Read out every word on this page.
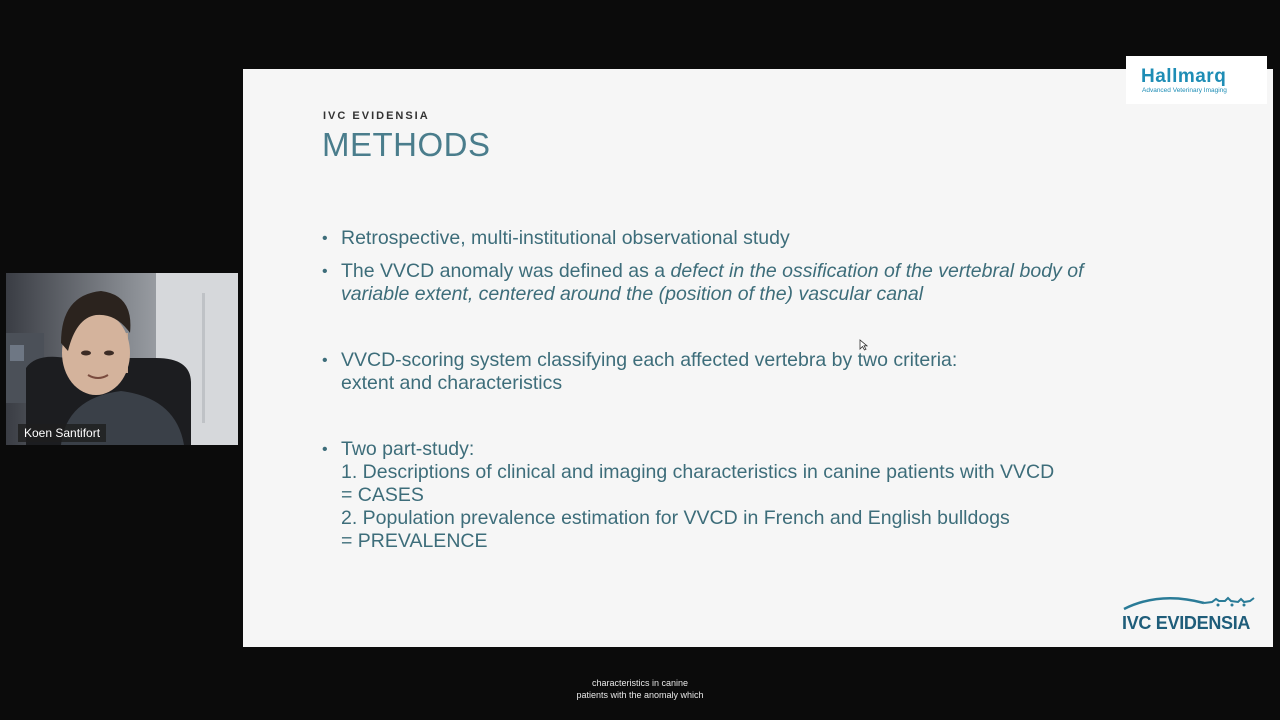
IVC EVIDENSIA
METHODS
• Retrospective, multi-institutional observational study
• The VVCD anomaly was defined as a defect in the ossification of the vertebral body of
variable extent, centered around the (position of the) vascular canal
• VVCD-scoring system classifying each affected vertebra by two criteria:
extent and characteristics
• Two part-study:
1. Descriptions of clinical and imaging characteristics in canine patients with VVCD
= CASES
2. Population prevalence estimation for VVCD in French and English bulldogs
= PREVALENCE
Hallmarq
Advanced Veterinary Imaging
IVC EVIDENSIA
Koen Santifort
characteristics in canine
patients with the anomaly which
